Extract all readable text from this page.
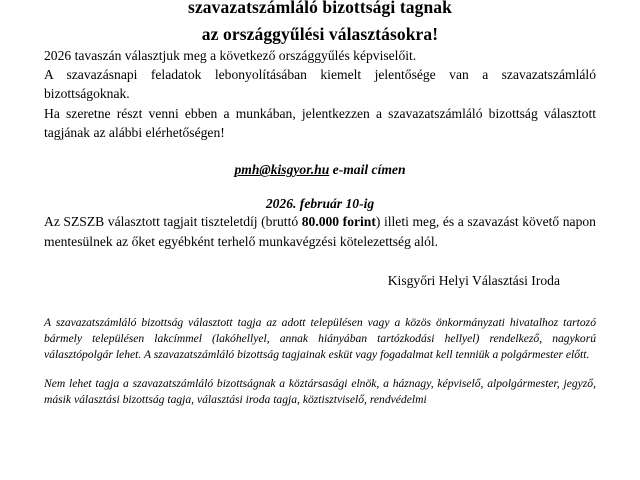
szavazatszámláló bizottsági tagnak
az országgyűlési választásokra!

2026 tavaszán választjuk meg a következő országgyűlés képviselőit.

A szavazásnapi feladatok lebonyolításában kiemelt jelentősége van a szavazatszámláló bizottságoknak.

Ha szeretne részt venni ebben a munkában, jelentkezzen a szavazatszámláló bizottság választott tagjának az alábbi elérhetőségen!

pmh@kisgyor.hu e-mail címen
2026. február 10-ig

Az SZSZB választott tagjait tiszteletdíj (bruttó 80.000 forint) illeti meg, és a szavazást követő napon mentesülnek az őket egyébként terhelő munkavégzési kötelezettség alól.

Kisgyőri Helyi Választási Iroda
A szavazatszámláló bizottság választott tagja az adott településen vagy a közös önkormányzati hivatalhoz tartozó bármely településen lakcímmel (lakóhellyel, annak hiányában tartózkodási hellyel) rendelkező, nagykorú választópolgár lehet. A szavazatszámláló bizottság tagjainak esküt vagy fogadalmat kell tenniük a polgármester előtt.
Nem lehet tagja a szavazatszámláló bizottságnak a köztársasági elnök, a háznagy, képviselő, alpolgármester, jegyző, másik választási bizottság tagja, választási iroda tagja, köztisztviselő, rendvédelmi
